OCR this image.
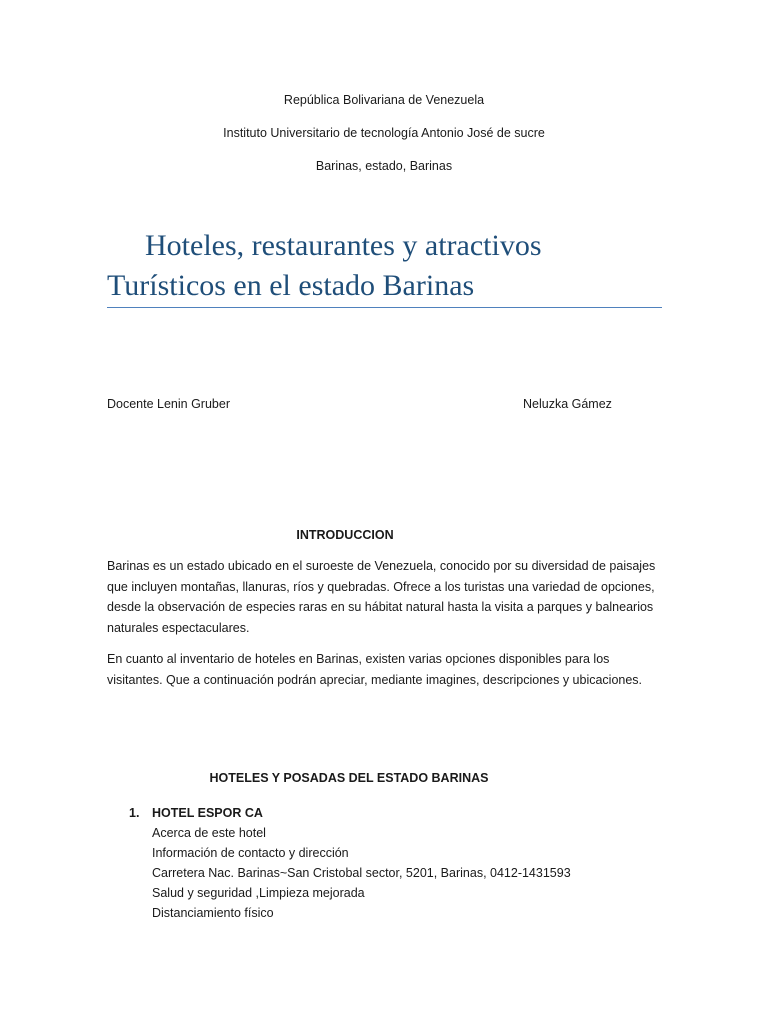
República Bolivariana de Venezuela
Instituto Universitario de tecnología Antonio José de sucre
Barinas, estado, Barinas
Hoteles, restaurantes y atractivos
Turísticos en el estado Barinas
Docente Lenin Gruber	Neluzka Gámez
INTRODUCCION
Barinas es un estado ubicado en el suroeste de Venezuela, conocido por su diversidad de paisajes que incluyen montañas, llanuras, ríos y quebradas. Ofrece a los turistas una variedad de opciones, desde la observación de especies raras en su hábitat natural hasta la visita a parques y balnearios naturales espectaculares.
En cuanto al inventario de hoteles en Barinas, existen varias opciones disponibles para los visitantes. Que a continuación podrán apreciar, mediante imagines, descripciones y ubicaciones.
HOTELES Y POSADAS DEL ESTADO BARINAS
1.	HOTEL ESPOR CA
Acerca de este hotel
Información de contacto y dirección
Carretera Nac. Barinas~San Cristobal sector, 5201, Barinas, 0412-1431593
Salud y seguridad ,Limpieza mejorada
Distanciamiento físico
